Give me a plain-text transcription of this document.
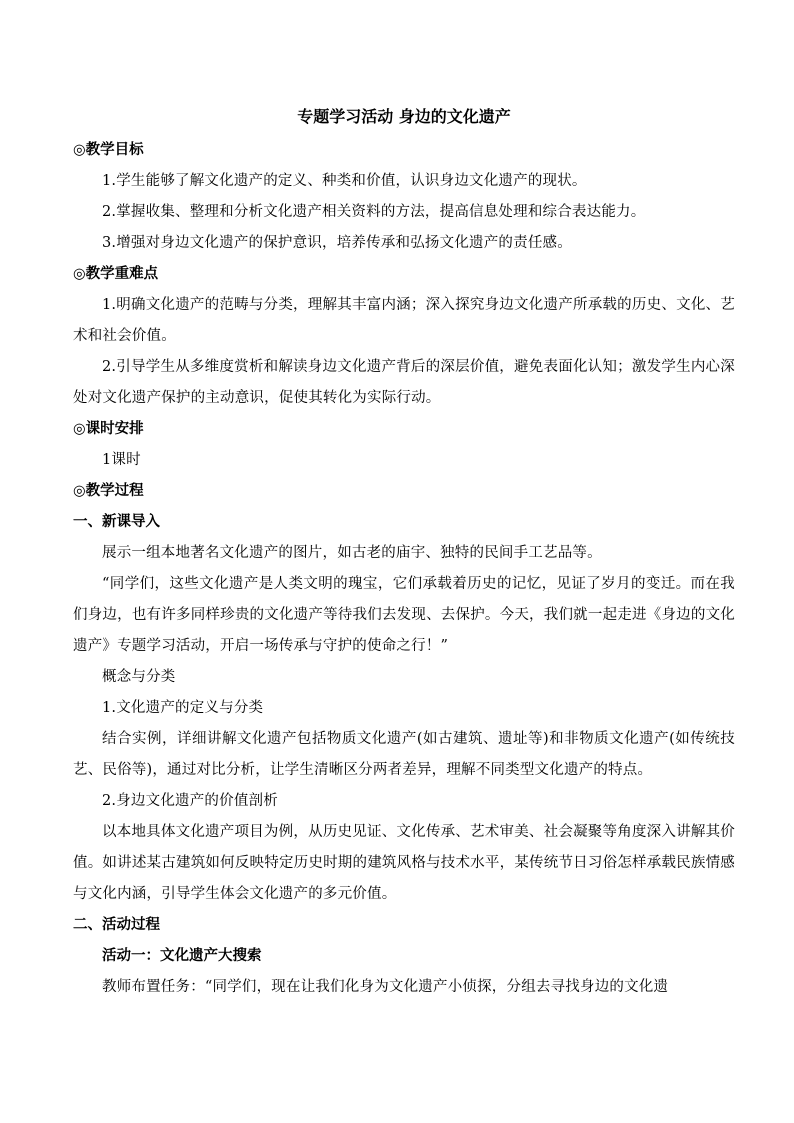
专题学习活动 身边的文化遗产
◎教学目标

1.学生能够了解文化遗产的定义、种类和价值，认识身边文化遗产的现状。

2.掌握收集、整理和分析文化遗产相关资料的方法，提高信息处理和综合表达能力。

3.增强对身边文化遗产的保护意识，培养传承和弘扬文化遗产的责任感。

◎教学重难点

1.明确文化遗产的范畴与分类，理解其丰富内涵；深入探究身边文化遗产所承载的历史、文化、艺术和社会价值。

2.引导学生从多维度赏析和解读身边文化遗产背后的深层价值，避免表面化认知；激发学生内心深处对文化遗产保护的主动意识，促使其转化为实际行动。

◎课时安排

1课时

◎教学过程
一、新课导入

展示一组本地著名文化遗产的图片，如古老的庙宇、独特的民间手工艺品等。

“同学们，这些文化遗产是人类文明的瑰宝，它们承载着历史的记忆，见证了岁月的变迁。而在我们身边，也有许多同样珍贵的文化遗产等待我们去发现、去保护。今天，我们就一起走进《身边的文化遗产》专题学习活动，开启一场传承与守护的使命之行！”

概念与分类

1.文化遗产的定义与分类

结合实例，详细讲解文化遗产包括物质文化遗产(如古建筑、遗址等)和非物质文化遗产(如传统技艺、民俗等)，通过对比分析，让学生清晰区分两者差异，理解不同类型文化遗产的特点。

2.身边文化遗产的价值剖析

以本地具体文化遗产项目为例，从历史见证、文化传承、艺术审美、社会凝聚等角度深入讲解其价值。如讲述某古建筑如何反映特定历史时期的建筑风格与技术水平，某传统节日习俗怎样承载民族情感与文化内涵，引导学生体会文化遗产的多元价值。

二、活动过程
活动一：文化遗产大搜索

教师布置任务：“同学们，现在让我们化身为文化遗产小侦探，分组去寻找身边的文化遗
